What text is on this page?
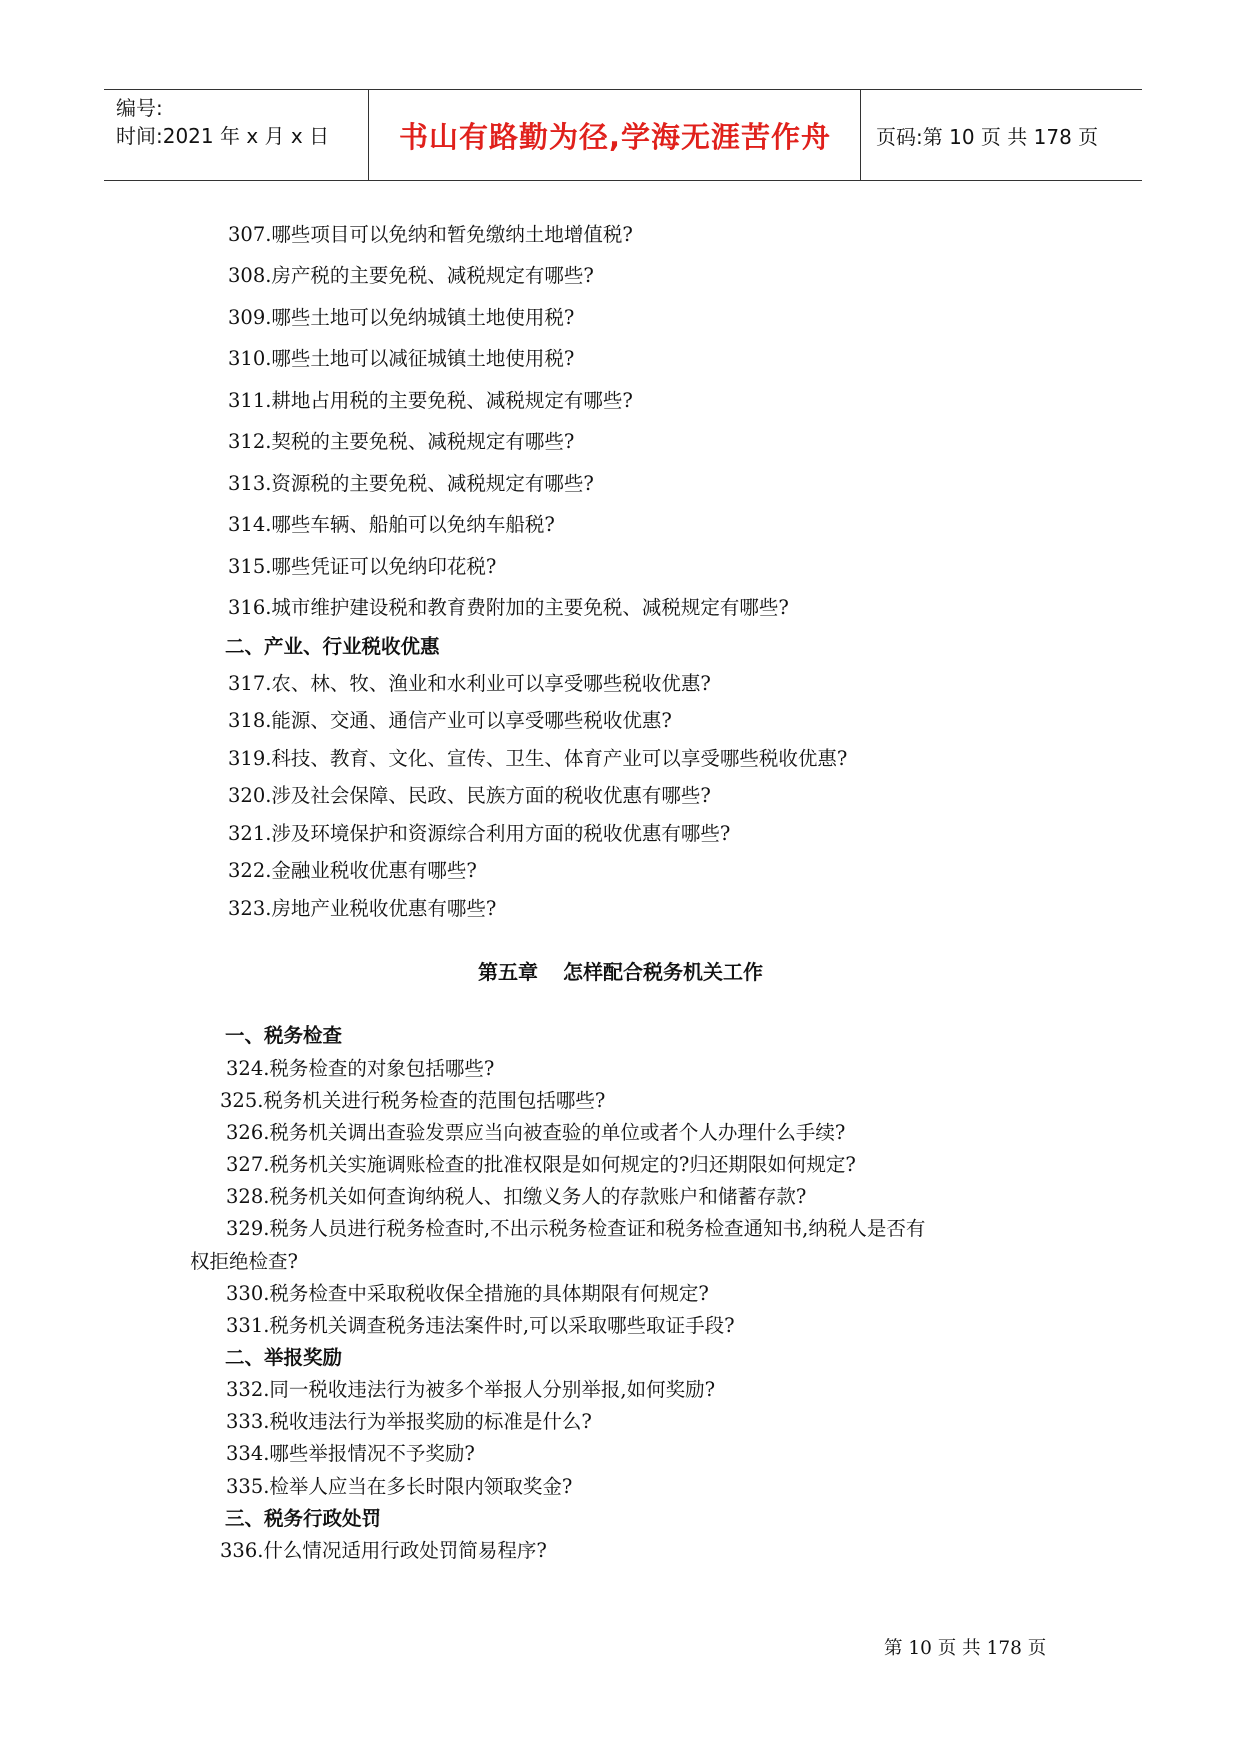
编号:
时间:2021 年 x 月 x 日	书山有路勤为径,学海无涯苦作舟	页码:第 10 页 共 178 页
307.哪些项目可以免纳和暂免缴纳土地增值税?
308.房产税的主要免税、减税规定有哪些?
309.哪些土地可以免纳城镇土地使用税?
310.哪些土地可以减征城镇土地使用税?
311.耕地占用税的主要免税、减税规定有哪些?
312.契税的主要免税、减税规定有哪些?
313.资源税的主要免税、减税规定有哪些?
314.哪些车辆、船舶可以免纳车船税?
315.哪些凭证可以免纳印花税?
316.城市维护建设税和教育费附加的主要免税、减税规定有哪些?
二、产业、行业税收优惠
317.农、林、牧、渔业和水利业可以享受哪些税收优惠?
318.能源、交通、通信产业可以享受哪些税收优惠?
319.科技、教育、文化、宣传、卫生、体育产业可以享受哪些税收优惠?
320.涉及社会保障、民政、民族方面的税收优惠有哪些?
321.涉及环境保护和资源综合利用方面的税收优惠有哪些?
322.金融业税收优惠有哪些?
323.房地产业税收优惠有哪些?
第五章 怎样配合税务机关工作
一、税务检查
324.税务检查的对象包括哪些?
325.税务机关进行税务检查的范围包括哪些?
326.税务机关调出查验发票应当向被查验的单位或者个人办理什么手续?
327.税务机关实施调账检查的批准权限是如何规定的?归还期限如何规定?
328.税务机关如何查询纳税人、扣缴义务人的存款账户和储蓄存款?
329.税务人员进行税务检查时,不出示税务检查证和税务检查通知书,纳税人是否有
权拒绝检查?
330.税务检查中采取税收保全措施的具体期限有何规定?
331.税务机关调查税务违法案件时,可以采取哪些取证手段?
二、举报奖励
332.同一税收违法行为被多个举报人分别举报,如何奖励?
333.税收违法行为举报奖励的标准是什么?
334.哪些举报情况不予奖励?
335.检举人应当在多长时限内领取奖金?
三、税务行政处罚
336.什么情况适用行政处罚简易程序?
第 10 页 共 178 页
